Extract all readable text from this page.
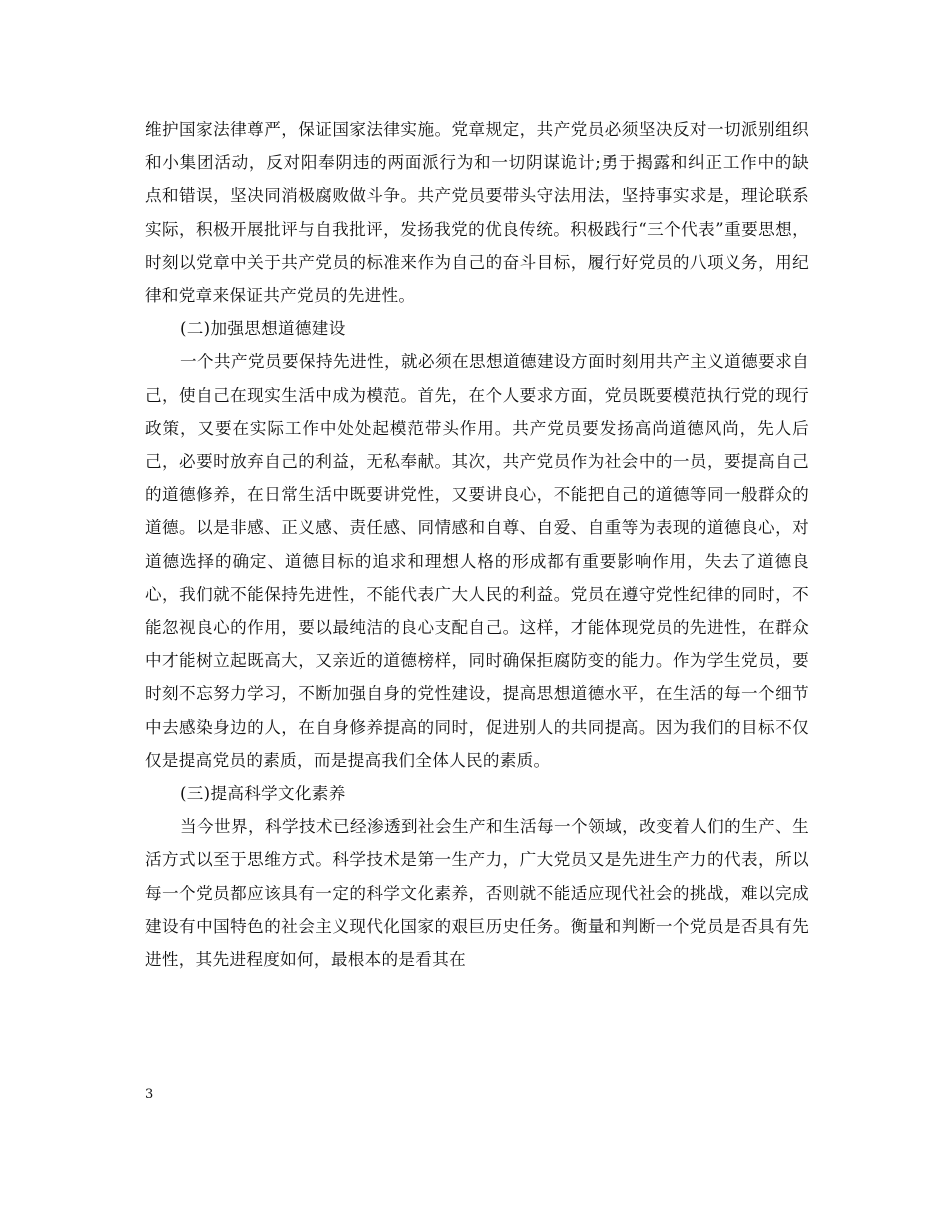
维护国家法律尊严，保证国家法律实施。党章规定，共产党员必须坚决反对一切派别组织和小集团活动，反对阳奉阴违的两面派行为和一切阴谋诡计;勇于揭露和纠正工作中的缺点和错误，坚决同消极腐败做斗争。共产党员要带头守法用法，坚持事实求是，理论联系实际，积极开展批评与自我批评，发扬我党的优良传统。积极践行“三个代表”重要思想，时刻以党章中关于共产党员的标准来作为自己的奋斗目标，履行好党员的八项义务，用纪律和党章来保证共产党员的先进性。

(二)加强思想道德建设

一个共产党员要保持先进性，就必须在思想道德建设方面时刻用共产主义道德要求自己，使自己在现实生活中成为模范。首先，在个人要求方面，党员既要模范执行党的现行政策，又要在实际工作中处处起模范带头作用。共产党员要发扬高尚道德风尚，先人后己，必要时放弃自己的利益，无私奉献。其次，共产党员作为社会中的一员，要提高自己的道德修养，在日常生活中既要讲党性，又要讲良心，不能把自己的道德等同一般群众的道德。以是非感、正义感、责任感、同情感和自尊、自爱、自重等为表现的道德良心，对道德选择的确定、道德目标的追求和理想人格的形成都有重要影响作用，失去了道德良心，我们就不能保持先进性，不能代表广大人民的利益。党员在遵守党性纪律的同时，不能忽视良心的作用，要以最纯洁的良心支配自己。这样，才能体现党员的先进性，在群众中才能树立起既高大，又亲近的道德榜样，同时确保拒腐防变的能力。作为学生党员，要时刻不忘努力学习，不断加强自身的党性建设，提高思想道德水平，在生活的每一个细节中去感染身边的人，在自身修养提高的同时，促进别人的共同提高。因为我们的目标不仅仅是提高党员的素质，而是提高我们全体人民的素质。

(三)提高科学文化素养

当今世界，科学技术已经渗透到社会生产和生活每一个领域，改变着人们的生产、生活方式以至于思维方式。科学技术是第一生产力，广大党员又是先进生产力的代表，所以每一个党员都应该具有一定的科学文化素养，否则就不能适应现代社会的挑战，难以完成建设有中国特色的社会主义现代化国家的艰巨历史任务。衡量和判断一个党员是否具有先进性，其先进程度如何，最根本的是看其在

3
